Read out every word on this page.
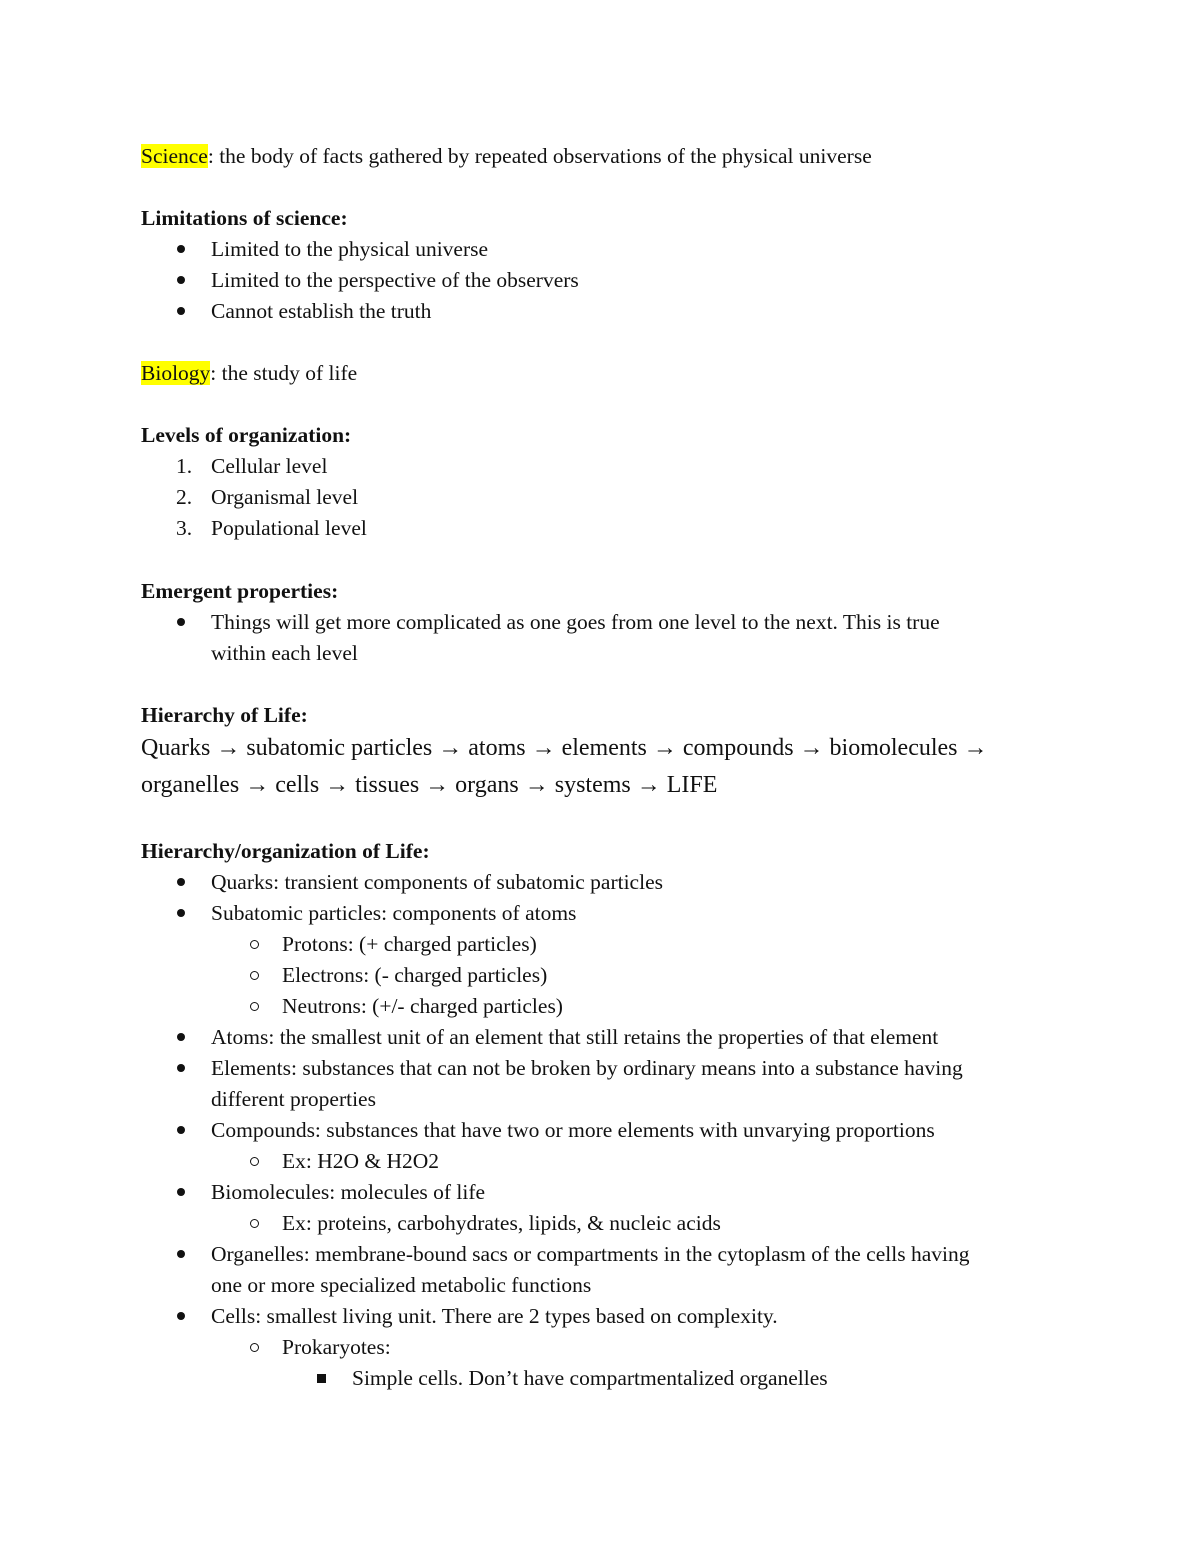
Science: the body of facts gathered by repeated observations of the physical universe
Limitations of science:
Limited to the physical universe
Limited to the perspective of the observers
Cannot establish the truth
Biology: the study of life
Levels of organization:
1. Cellular level
2. Organismal level
3. Populational level
Emergent properties:
Things will get more complicated as one goes from one level to the next. This is true
within each level
Hierarchy of Life:
Quarks → subatomic particles → atoms → elements → compounds → biomolecules →
organelles → cells → tissues → organs → systems → LIFE
Hierarchy/organization of Life:
Quarks: transient components of subatomic particles
Subatomic particles: components of atoms
Protons: (+ charged particles)
Electrons: (- charged particles)
Neutrons: (+/- charged particles)
Atoms: the smallest unit of an element that still retains the properties of that element
Elements: substances that can not be broken by ordinary means into a substance having
different properties
Compounds: substances that have two or more elements with unvarying proportions
Ex: H2O & H2O2
Biomolecules: molecules of life
Ex: proteins, carbohydrates, lipids, & nucleic acids
Organelles: membrane-bound sacs or compartments in the cytoplasm of the cells having
one or more specialized metabolic functions
Cells: smallest living unit. There are 2 types based on complexity.
Prokaryotes:
Simple cells. Don’t have compartmentalized organelles
